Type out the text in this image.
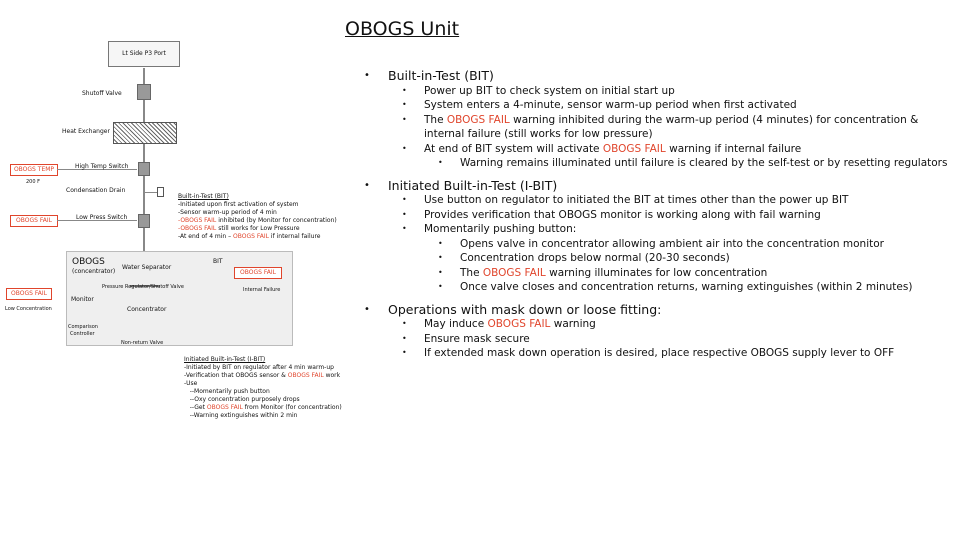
OBOGS Unit
Lt Side P3 Port
Shutoff Valve
Heat Exchanger
OBOGS TEMP	High Temp Switch
200 F
Condensation Drain
OBOGS FAIL	Low Press Switch
Built-in-Test (BIT)
-Initiated upon first activation of system
-Sensor warm-up period of 4 min
-OBOGS FAIL inhibited (by Monitor for concentration)
-OBOGS FAIL still works for Low Pressure
-At end of 4 min – OBOGS FAIL if internal failure
OBOGS
(concentrator)
Water Separator
BIT
OBOGS FAIL
Internal Failure
Pressure Regulator/Shutoff Valve
OBOGS FAIL
Monitor
Low Concentration	Concentrator
Comparison
Controller
Non-return Valve
Initiated Built-in-Test (I-BIT)
-Initiated by BIT on regulator after 4 min warm-up
-Verification that OBOGS sensor & OBOGS FAIL work
-Use
--Momentarily push button
--Oxy concentration purposely drops
--Get OBOGS FAIL from Monitor (for concentration)
--Warning extinguishes within 2 min
• Built-in-Test (BIT)
• Power up BIT to check system on initial start up
• System enters a 4-minute, sensor warm-up period when first activated
• The OBOGS FAIL warning inhibited during the warm-up period (4 minutes) for concentration &
internal failure (still works for low pressure)
• At end of BIT system will activate OBOGS FAIL warning if internal failure
• Warning remains illuminated until failure is cleared by the self-test or by resetting regulators
• Initiated Built-in-Test (I-BIT)
• Use button on regulator to initiated the BIT at times other than the power up BIT
• Provides verification that OBOGS monitor is working along with fail warning
• Momentarily pushing button:
• Opens valve in concentrator allowing ambient air into the concentration monitor
• Concentration drops below normal (20-30 seconds)
• The OBOGS FAIL warning illuminates for low concentration
• Once valve closes and concentration returns, warning extinguishes (within 2 minutes)
• Operations with mask down or loose fitting:
• May induce OBOGS FAIL warning
• Ensure mask secure
• If extended mask down operation is desired, place respective OBOGS supply lever to OFF
